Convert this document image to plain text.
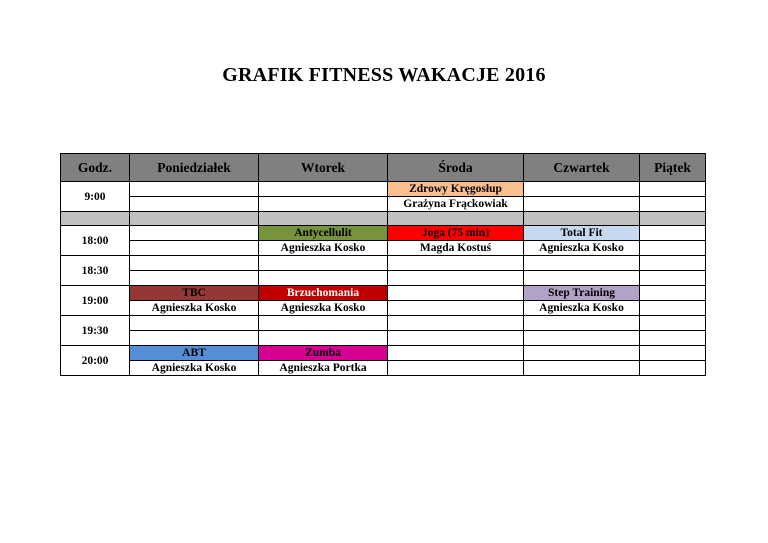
GRAFIK FITNESS WAKACJE 2016
Godz.	Poniedziałek	Wtorek	Środa	Czwartek	Piątek
9:00			Zdrowy Kręgosłup		
			Grażyna Frąckowiak		

18:00		Antycellulit	Joga (75 min)	Total Fit	
		Agnieszka Kosko	Magda Kostuś	Agnieszka Kosko	
18:30					

19:00	TBC	Brzuchomania		Step Training	
	Agnieszka Kosko	Agnieszka Kosko		Agnieszka Kosko	
19:30					

20:00	ABT	Zumba			
	Agnieszka Kosko	Agnieszka Portka			
